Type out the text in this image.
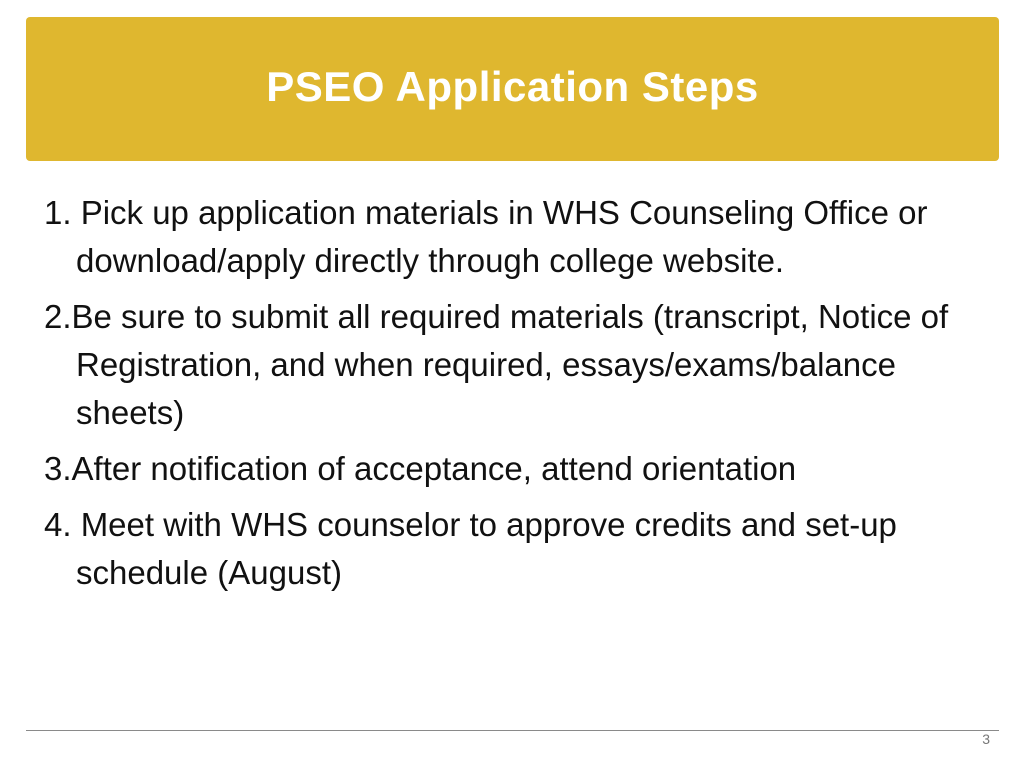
PSEO Application Steps
1. Pick up application materials in WHS Counseling Office or download/apply directly through college website.
2.Be sure to submit all required materials (transcript, Notice of Registration, and when required, essays/exams/balance sheets)
3.After notification of acceptance, attend orientation
4. Meet with WHS counselor to approve credits and set-up schedule (August)
3
